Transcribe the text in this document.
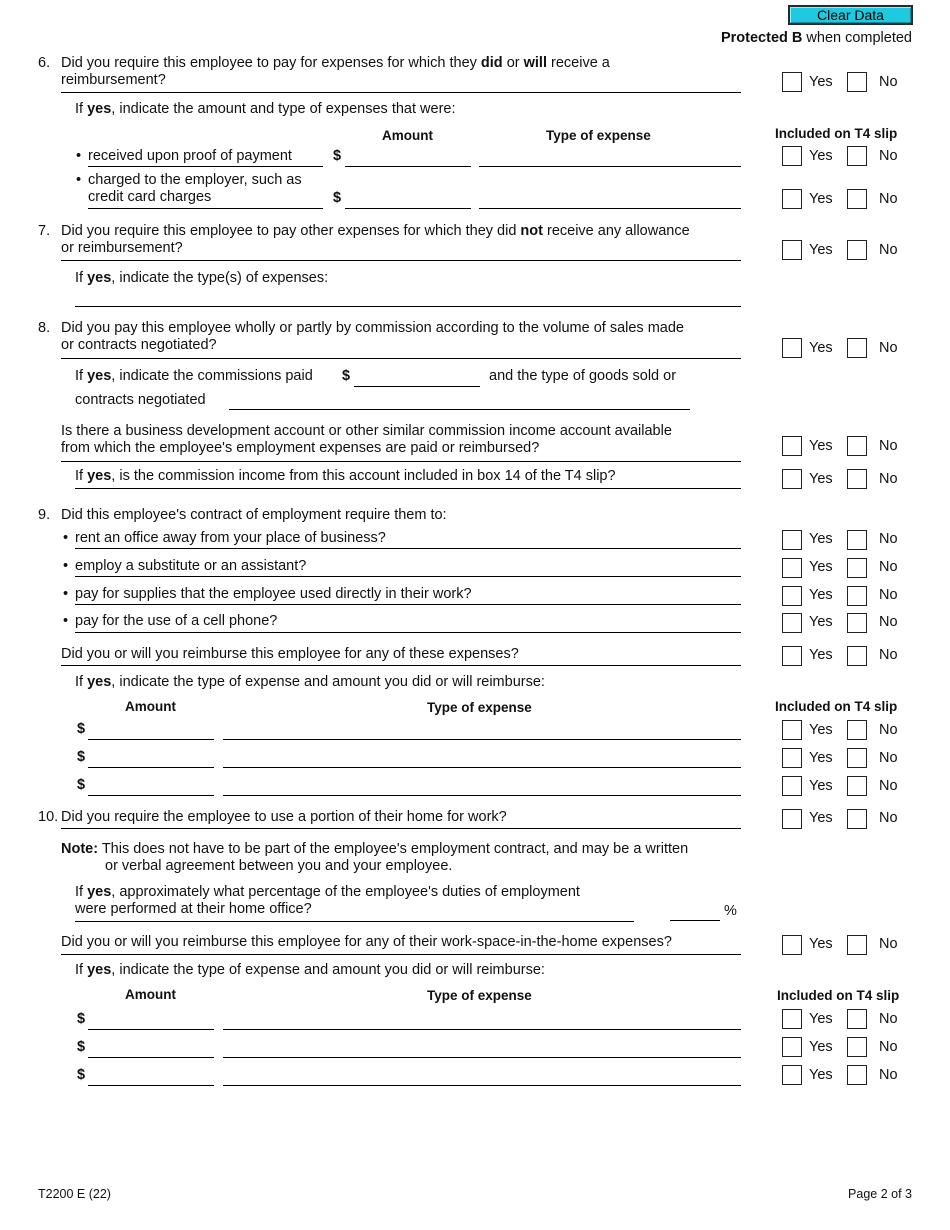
Clear Data
Protected B when completed
6. Did you require this employee to pay for expenses for which they did or will receive a
reimbursement?	Yes	No
If yes, indicate the amount and type of expenses that were:
Amount	Type of expense	Included on T4 slip
• received upon proof of payment	$	Yes	No
• charged to the employer, such as
credit card charges	$	Yes	No
7. Did you require this employee to pay other expenses for which they did not receive any allowance
or reimbursement?	Yes	No
If yes, indicate the type(s) of expenses:
8. Did you pay this employee wholly or partly by commission according to the volume of sales made
or contracts negotiated?	Yes	No
If yes, indicate the commissions paid $	and the type of goods sold or
contracts negotiated
Is there a business development account or other similar commission income account available
from which the employee's employment expenses are paid or reimbursed?	Yes	No
If yes, is the commission income from this account included in box 14 of the T4 slip?	Yes	No
9. Did this employee's contract of employment require them to:
• rent an office away from your place of business?	Yes	No
• employ a substitute or an assistant?	Yes	No
• pay for supplies that the employee used directly in their work?	Yes	No
• pay for the use of a cell phone?	Yes	No
Did you or will you reimburse this employee for any of these expenses?	Yes	No
If yes, indicate the type of expense and amount you did or will reimburse:
Amount	Type of expense	Included on T4 slip
$	Yes	No
$	Yes	No
$	Yes	No
10. Did you require the employee to use a portion of their home for work?	Yes	No
Note: This does not have to be part of the employee's employment contract, and may be a written
or verbal agreement between you and your employee.
If yes, approximately what percentage of the employee's duties of employment
were performed at their home office?	%
Did you or will you reimburse this employee for any of their work-space-in-the-home expenses?	Yes	No
If yes, indicate the type of expense and amount you did or will reimburse:
Amount	Type of expense	Included on T4 slip
$	Yes	No
$	Yes	No
$	Yes	No
T2200 E (22)	Page 2 of 3
